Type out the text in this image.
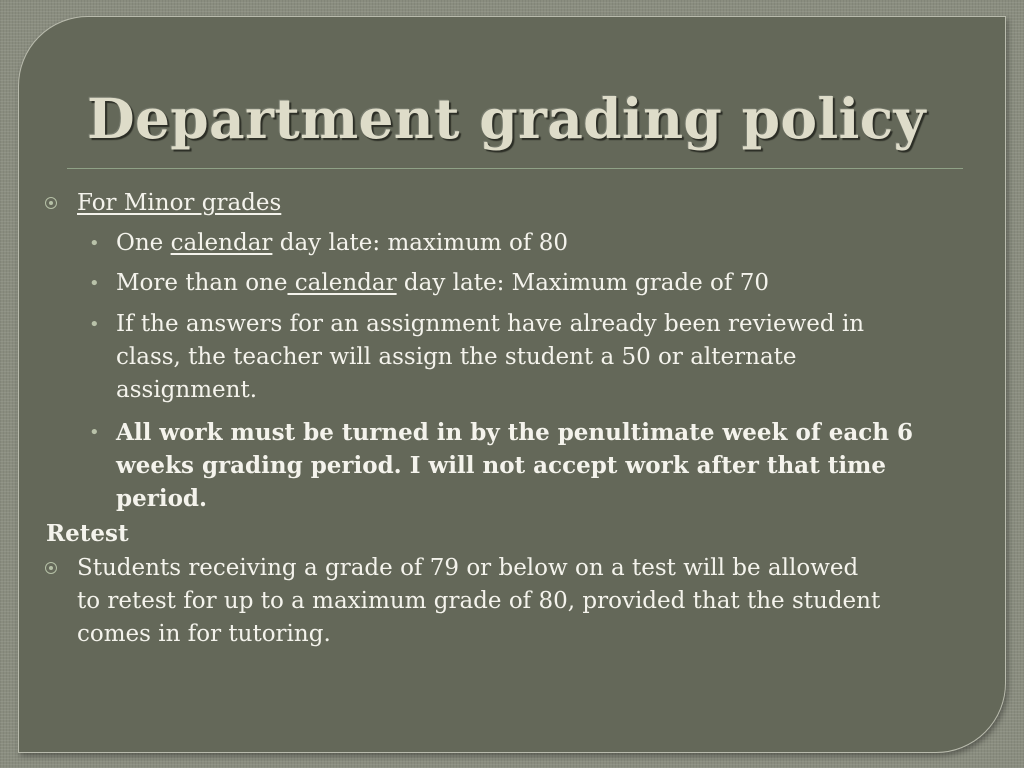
Department grading policy
For Minor grades
• One calendar day late: maximum of 80
• More than one calendar day late: Maximum grade of 70
• If the answers for an assignment have already been reviewed in
class, the teacher will assign the student a 50 or alternate
assignment.
• All work must be turned in by the penultimate week of each 6
weeks grading period. I will not accept work after that time
period.
Retest
Students receiving a grade of 79 or below on a test will be allowed
to retest for up to a maximum grade of 80, provided that the student
comes in for tutoring.
